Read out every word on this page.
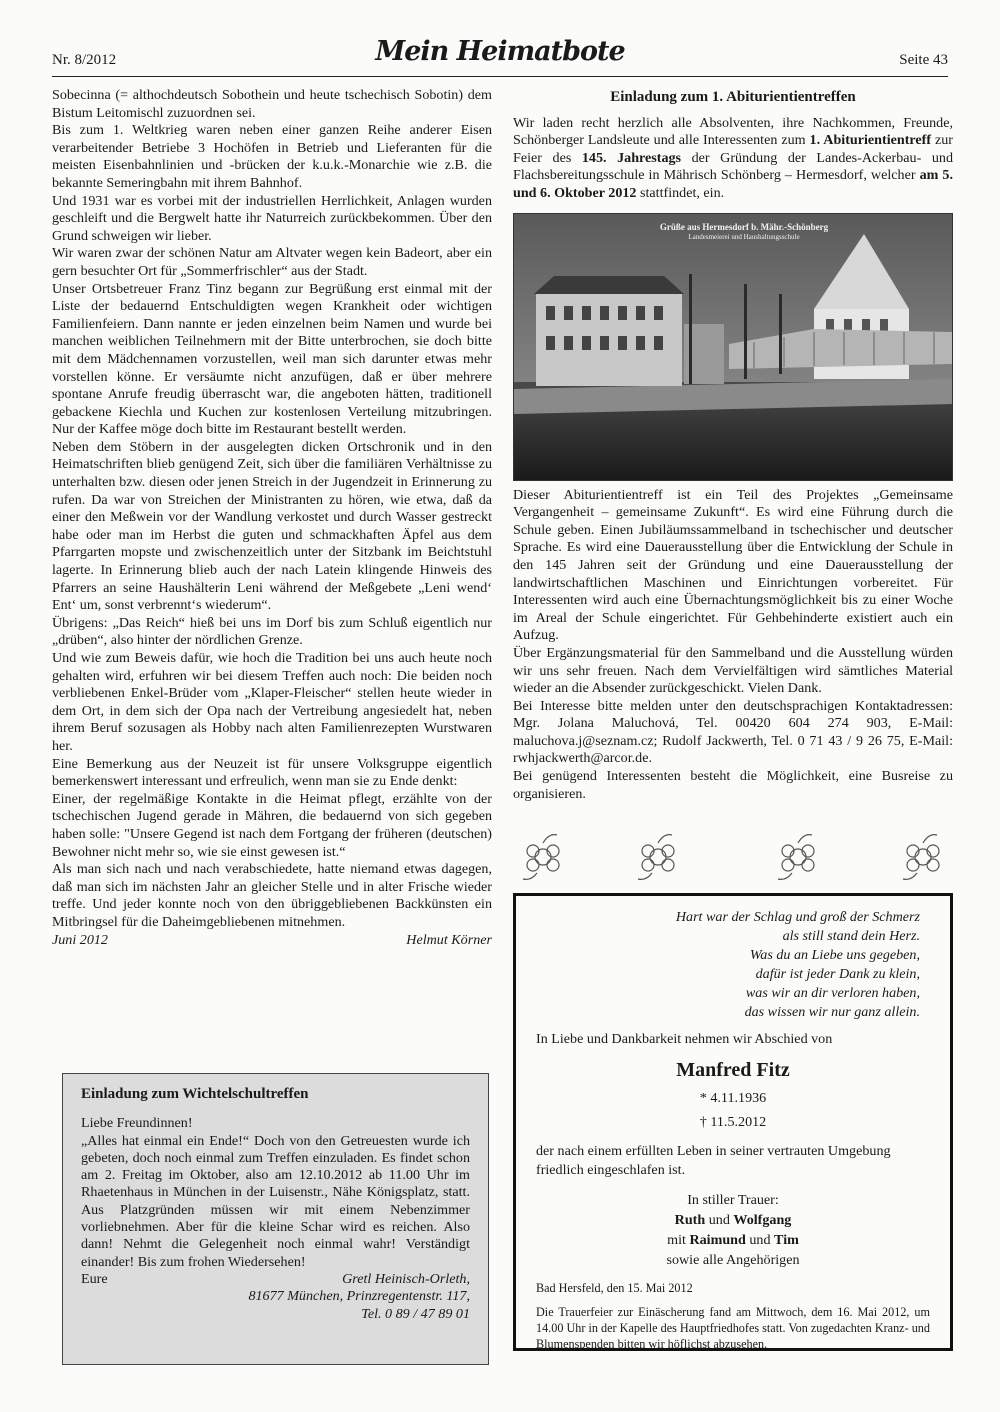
Nr. 8/2012	Mein Heimatbote	Seite 43

Sobecinna (= althochdeutsch Sobothein und heute tschechisch Sobotin) dem Bistum Leitomischl zuzuordnen sei.

Bis zum 1. Weltkrieg waren neben einer ganzen Reihe anderer Eisen verarbeitender Betriebe 3 Hochöfen in Betrieb und Lieferanten für die meisten Eisenbahnlinien und -brücken der k.u.k.-Monarchie wie z.B. die bekannte Semeringbahn mit ihrem Bahnhof.

Und 1931 war es vorbei mit der industriellen Herrlichkeit, Anlagen wurden geschleift und die Bergwelt hatte ihr Naturreich zurückbekommen. Über den Grund schweigen wir lieber.

Wir waren zwar der schönen Natur am Altvater wegen kein Badeort, aber ein gern besuchter Ort für „Sommerfrischler“ aus der Stadt.

Unser Ortsbetreuer Franz Tinz begann zur Begrüßung erst einmal mit der Liste der bedauernd Entschuldigten wegen Krankheit oder wichtigen Familienfeiern. Dann nannte er jeden einzelnen beim Namen und wurde bei manchen weiblichen Teilnehmern mit der Bitte unterbrochen, sie doch bitte mit dem Mädchennamen vorzustellen, weil man sich darunter etwas mehr vorstellen könne. Er versäumte nicht anzufügen, daß er über mehrere spontane Anrufe freudig überrascht war, die angeboten hätten, traditionell gebackene Kiechla und Kuchen zur kostenlosen Verteilung mitzubringen. Nur der Kaffee möge doch bitte im Restaurant bestellt werden.

Neben dem Stöbern in der ausgelegten dicken Ortschronik und in den Heimatschriften blieb genügend Zeit, sich über die familiären Verhältnisse zu unterhalten bzw. diesen oder jenen Streich in der Jugendzeit in Erinnerung zu rufen. Da war von Streichen der Ministranten zu hören, wie etwa, daß da einer den Meßwein vor der Wandlung verkostet und durch Wasser gestreckt habe oder man im Herbst die guten und schmackhaften Äpfel aus dem Pfarrgarten mopste und zwischenzeitlich unter der Sitzbank im Beichtstuhl lagerte. In Erinnerung blieb auch der nach Latein klingende Hinweis des Pfarrers an seine Haushälterin Leni während der Meßgebete „Leni wend‘ Ent‘ um, sonst verbrennt‘s wiederum“.

Übrigens: „Das Reich“ hieß bei uns im Dorf bis zum Schluß eigentlich nur „drüben“, also hinter der nördlichen Grenze.

Und wie zum Beweis dafür, wie hoch die Tradition bei uns auch heute noch gehalten wird, erfuhren wir bei diesem Treffen auch noch: Die beiden noch verbliebenen Enkel-Brüder vom „Klaper-Fleischer“ stellen heute wieder in dem Ort, in dem sich der Opa nach der Vertreibung angesiedelt hat, neben ihrem Beruf sozusagen als Hobby nach alten Familienrezepten Wurstwaren her.

Eine Bemerkung aus der Neuzeit ist für unsere Volksgruppe eigentlich bemerkenswert interessant und erfreulich, wenn man sie zu Ende denkt:

Einer, der regelmäßige Kontakte in die Heimat pflegt, erzählte von der tschechischen Jugend gerade in Mähren, die bedauernd von sich gegeben haben solle: "Unsere Gegend ist nach dem Fortgang der früheren (deutschen) Bewohner nicht mehr so, wie sie einst gewesen ist.“

Als man sich nach und nach verabschiedete, hatte niemand etwas dagegen, daß man sich im nächsten Jahr an gleicher Stelle und in alter Frische wieder treffe. Und jeder konnte noch von den übriggebliebenen Backkünsten ein Mitbringsel für die Daheimgebliebenen mitnehmen.

Juni 2012	Helmut Körner
Einladung zum Wichtelschultreffen

Liebe Freundinnen!

„Alles hat einmal ein Ende!“ Doch von den Getreuesten wurde ich gebeten, doch noch einmal zum Treffen einzuladen. Es findet schon am 2. Freitag im Oktober, also am 12.10.2012 ab 11.00 Uhr im Rhaetenhaus in München in der Luisenstr., Nähe Königsplatz, statt. Aus Platzgründen müssen wir mit einem Nebenzimmer vorliebnehmen. Aber für die kleine Schar wird es reichen. Also dann! Nehmt die Gelegenheit noch einmal wahr! Verständigt einander! Bis zum frohen Wiedersehen!

Eure	Gretl Heinisch-Orleth,
81677 München, Prinzregentenstr. 117,
Tel. 0 89 / 47 89 01
Einladung zum 1. Abiturientientreffen

Wir laden recht herzlich alle Absolventen, ihre Nachkommen, Freunde, Schönberger Landsleute und alle Interessenten zum 1. Abiturientientreff zur Feier des 145. Jahrestags der Gründung der Landes-Ackerbau- und Flachsbereitungsschule in Mährisch Schönberg – Hermesdorf, welcher am 5. und 6. Oktober 2012 stattfindet, ein.

Grüße aus Hermesdorf b. Mähr.-Schönberg
Landesmeierei und Haushaltungsschule

Dieser Abiturientientreff ist ein Teil des Projektes „Gemeinsame Vergangenheit – gemeinsame Zukunft“. Es wird eine Führung durch die Schule geben. Einen Jubiläumssammelband in tschechischer und deutscher Sprache. Es wird eine Dauerausstellung über die Entwicklung der Schule in den 145 Jahren seit der Gründung und eine Dauerausstellung der landwirtschaftlichen Maschinen und Einrichtungen vorbereitet. Für Interessenten wird auch eine Übernachtungsmöglichkeit bis zu einer Woche im Areal der Schule eingerichtet. Für Gehbehinderte existiert auch ein Aufzug.

Über Ergänzungsmaterial für den Sammelband und die Ausstellung würden wir uns sehr freuen. Nach dem Vervielfältigen wird sämtliches Material wieder an die Absender zurückgeschickt. Vielen Dank.

Bei Interesse bitte melden unter den deutschsprachigen Kontaktadressen: Mgr. Jolana Maluchová, Tel. 00420 604 274 903, E-Mail: maluchova.j@seznam.cz; Rudolf Jackwerth, Tel. 0 71 43 / 9 26 75, E-Mail: rwhjackwerth@arcor.de.

Bei genügend Interessenten besteht die Möglichkeit, eine Busreise zu organisieren.

Hart war der Schlag und groß der Schmerz
als still stand dein Herz.
Was du an Liebe uns gegeben,
dafür ist jeder Dank zu klein,
was wir an dir verloren haben,
das wissen wir nur ganz allein.

In Liebe und Dankbarkeit nehmen wir Abschied von

Manfred Fitz
* 4.11.1936
† 11.5.2012

der nach einem erfüllten Leben in seiner vertrauten Umgebung friedlich eingeschlafen ist.

In stiller Trauer:
Ruth und Wolfgang
mit Raimund und Tim
sowie alle Angehörigen

Bad Hersfeld, den 15. Mai 2012

Die Trauerfeier zur Einäscherung fand am Mittwoch, dem 16. Mai 2012, um 14.00 Uhr in der Kapelle des Hauptfriedhofes statt. Von zugedachten Kranz- und Blumenspenden bitten wir höflichst abzusehen.
